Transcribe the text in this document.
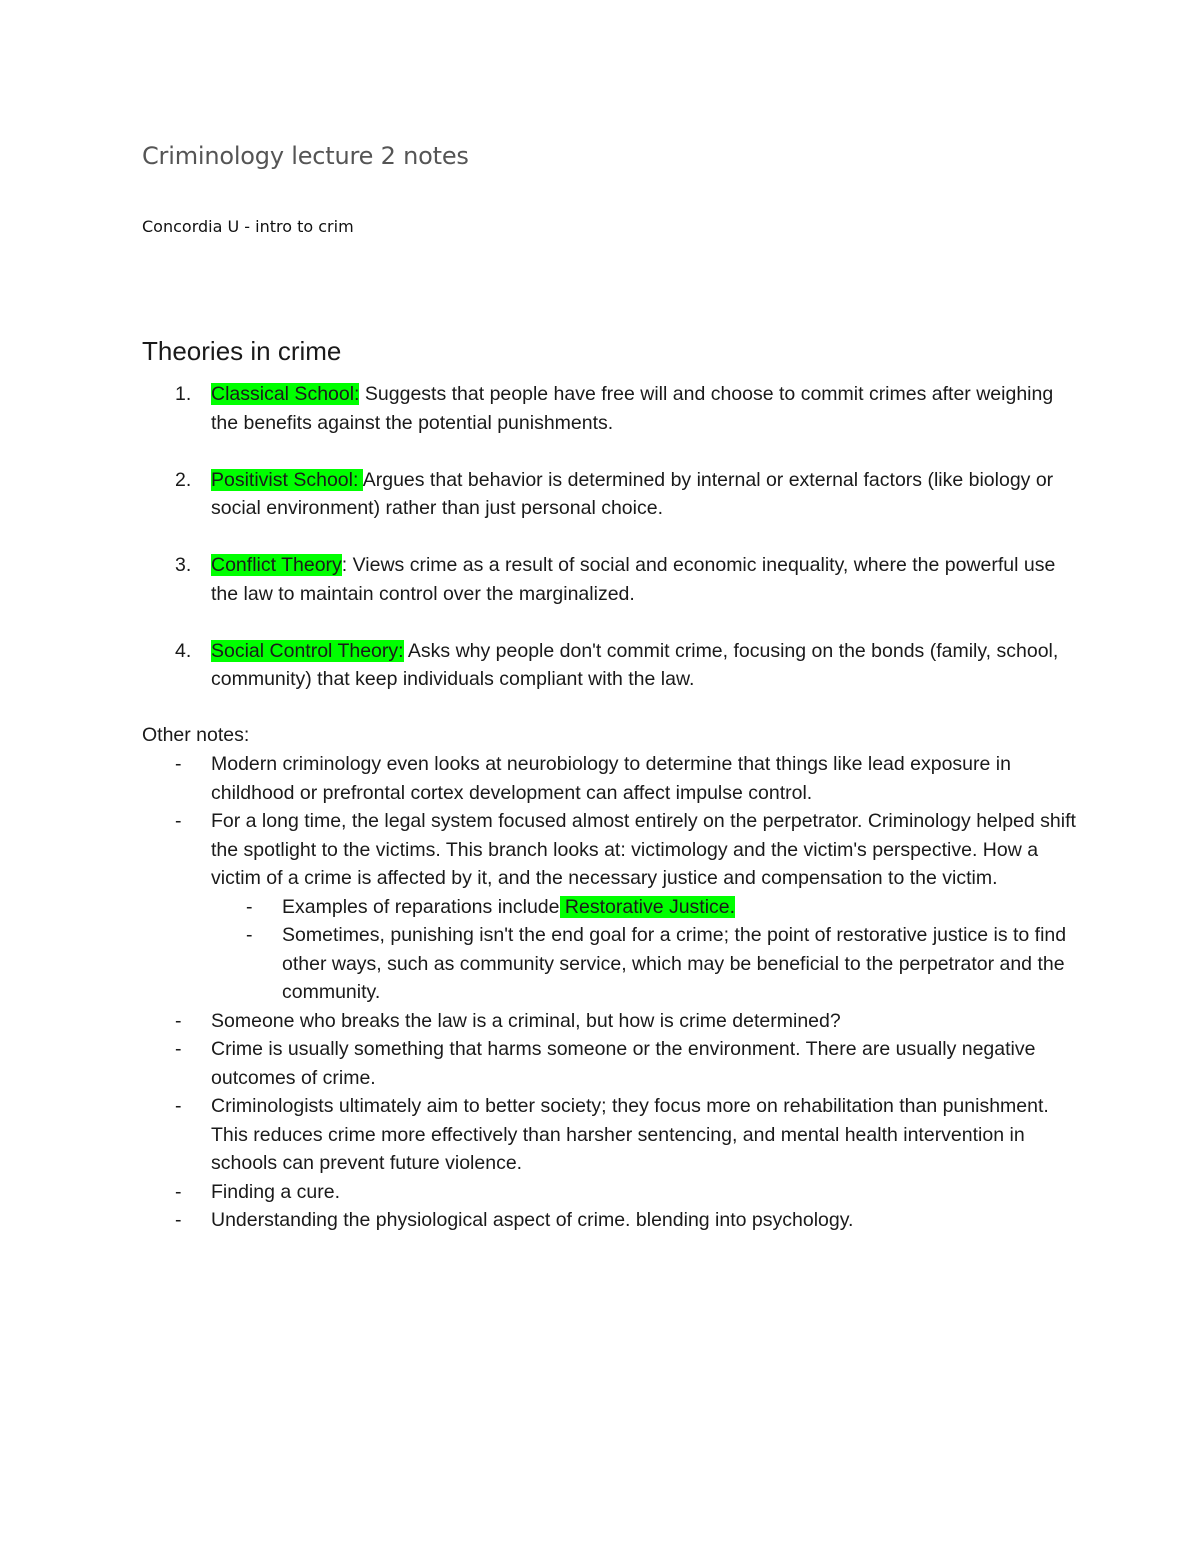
Criminology lecture 2 notes
Concordia U - intro to crim
Theories in crime
1. Classical School: Suggests that people have free will and choose to commit crimes after weighing the benefits against the potential punishments.
2. Positivist School: Argues that behavior is determined by internal or external factors (like biology or social environment) rather than just personal choice.
3. Conflict Theory: Views crime as a result of social and economic inequality, where the powerful use the law to maintain control over the marginalized.
4. Social Control Theory: Asks why people don't commit crime, focusing on the bonds (family, school, community) that keep individuals compliant with the law.
Other notes:
- Modern criminology even looks at neurobiology to determine that things like lead exposure in childhood or prefrontal cortex development can affect impulse control.
- For a long time, the legal system focused almost entirely on the perpetrator. Criminology helped shift the spotlight to the victims. This branch looks at: victimology and the victim's perspective. How a victim of a crime is affected by it, and the necessary justice and compensation to the victim.
- Examples of reparations include Restorative Justice.
- Sometimes, punishing isn't the end goal for a crime; the point of restorative justice is to find other ways, such as community service, which may be beneficial to the perpetrator and the community.
- Someone who breaks the law is a criminal, but how is crime determined?
- Crime is usually something that harms someone or the environment. There are usually negative outcomes of crime.
- Criminologists ultimately aim to better society; they focus more on rehabilitation than punishment. This reduces crime more effectively than harsher sentencing, and mental health intervention in schools can prevent future violence.
- Finding a cure.
- Understanding the physiological aspect of crime. blending into psychology.
